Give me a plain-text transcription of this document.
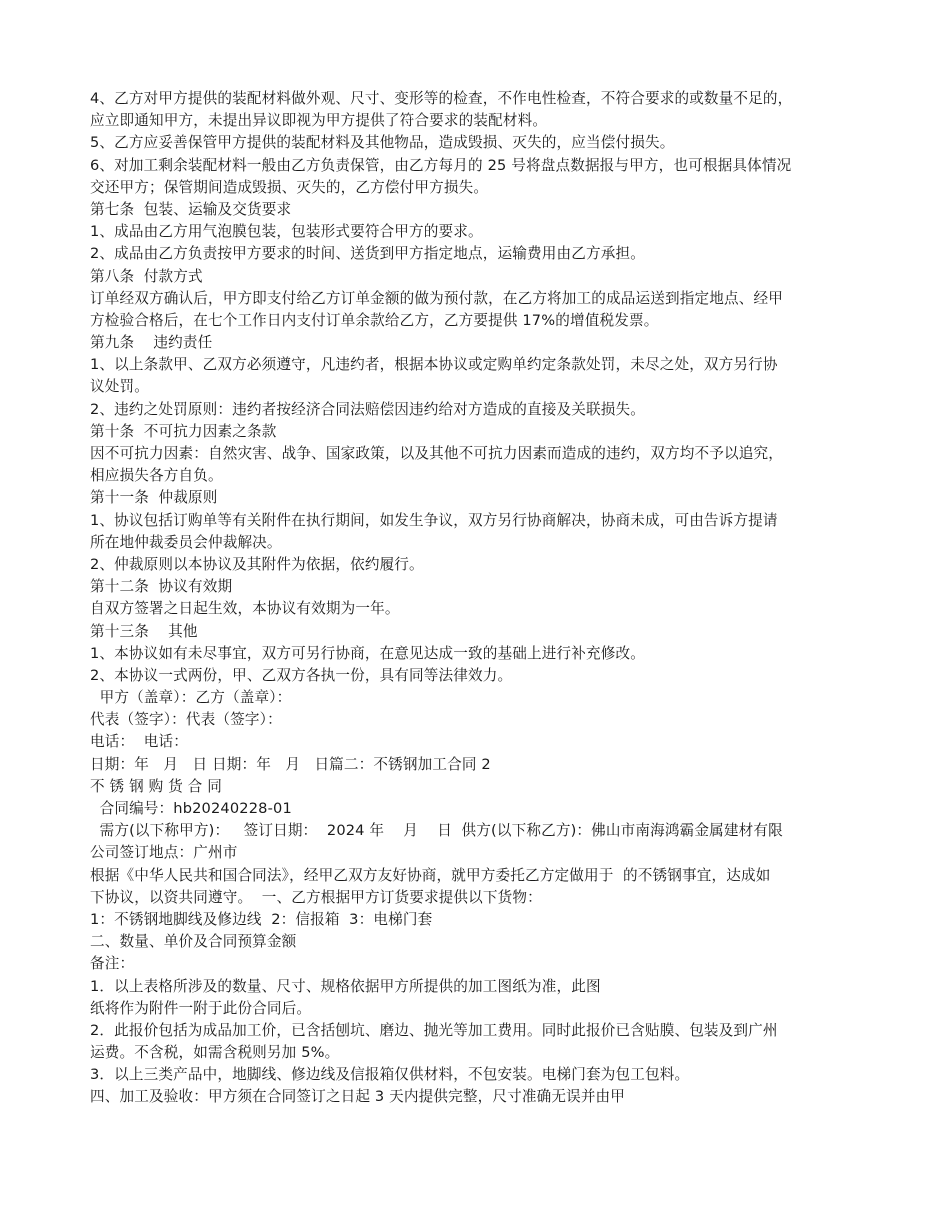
4、乙方对甲方提供的装配材料做外观、尺寸、变形等的检查，不作电性检查，不符合要求的或数量不足的，

应立即通知甲方，未提出异议即视为甲方提供了符合要求的装配材料。

5、乙方应妥善保管甲方提供的装配材料及其他物品，造成毁损、灭失的，应当偿付损失。

6、对加工剩余装配材料一般由乙方负责保管，由乙方每月的 25 号将盘点数据报与甲方，也可根据具体情况

交还甲方；保管期间造成毁损、灭失的，乙方偿付甲方损失。

第七条  包装、运输及交货要求

1、成品由乙方用气泡膜包装，包装形式要符合甲方的要求。

2、成品由乙方负责按甲方要求的时间、送货到甲方指定地点，运输费用由乙方承担。

第八条  付款方式

订单经双方确认后，甲方即支付给乙方订单金额的做为预付款，在乙方将加工的成品运送到指定地点、经甲

方检验合格后，在七个工作日内支付订单余款给乙方，乙方要提供 17%的增值税发票。

第九条    违约责任

1、以上条款甲、乙双方必须遵守，凡违约者，根据本协议或定购单约定条款处罚，未尽之处，双方另行协

议处罚。

2、违约之处罚原则：违约者按经济合同法赔偿因违约给对方造成的直接及关联损失。

第十条  不可抗力因素之条款

因不可抗力因素：自然灾害、战争、国家政策，以及其他不可抗力因素而造成的违约，双方均不予以追究，

相应损失各方自负。

第十一条  仲裁原则

1、协议包括订购单等有关附件在执行期间，如发生争议，双方另行协商解决，协商未成，可由告诉方提请

所在地仲裁委员会仲裁解决。

2、仲裁原则以本协议及其附件为依据，依约履行。

第十二条  协议有效期

自双方签署之日起生效，本协议有效期为一年。

第十三条    其他

1、本协议如有未尽事宜，双方可另行协商，在意见达成一致的基础上进行补充修改。

2、本协议一式两份，甲、乙双方各执一份，具有同等法律效力。

甲方（盖章）：乙方（盖章）：

代表（签字）：代表（签字）：

电话：  电话：

日期：年   月   日 日期：年   月   日篇二：不锈钢加工合同 2

不 锈 钢 购 货 合 同

合同编号：hb20240228-01

需方(以下称甲方)：   签订日期：  2024 年    月    日  供方(以下称乙方)：佛山市南海鸿霸金属建材有限

公司签订地点：广州市

根据《中华人民共和国合同法》，经甲乙双方友好协商，就甲方委托乙方定做用于  的不锈钢事宜，达成如

下协议，以资共同遵守。  一、乙方根据甲方订货要求提供以下货物：

1：不锈钢地脚线及修边线  2：信报箱  3：电梯门套

二、数量、单价及合同预算金额

备注：

1．以上表格所涉及的数量、尺寸、规格依据甲方所提供的加工图纸为准，此图

纸将作为附件一附于此份合同后。

2．此报价包括为成品加工价，已含括刨坑、磨边、抛光等加工费用。同时此报价已含贴膜、包装及到广州

运费。不含税，如需含税则另加 5%。

3．以上三类产品中，地脚线、修边线及信报箱仅供材料，不包安装。电梯门套为包工包料。

四、加工及验收：甲方须在合同签订之日起 3 天内提供完整，尺寸准确无误并由甲
